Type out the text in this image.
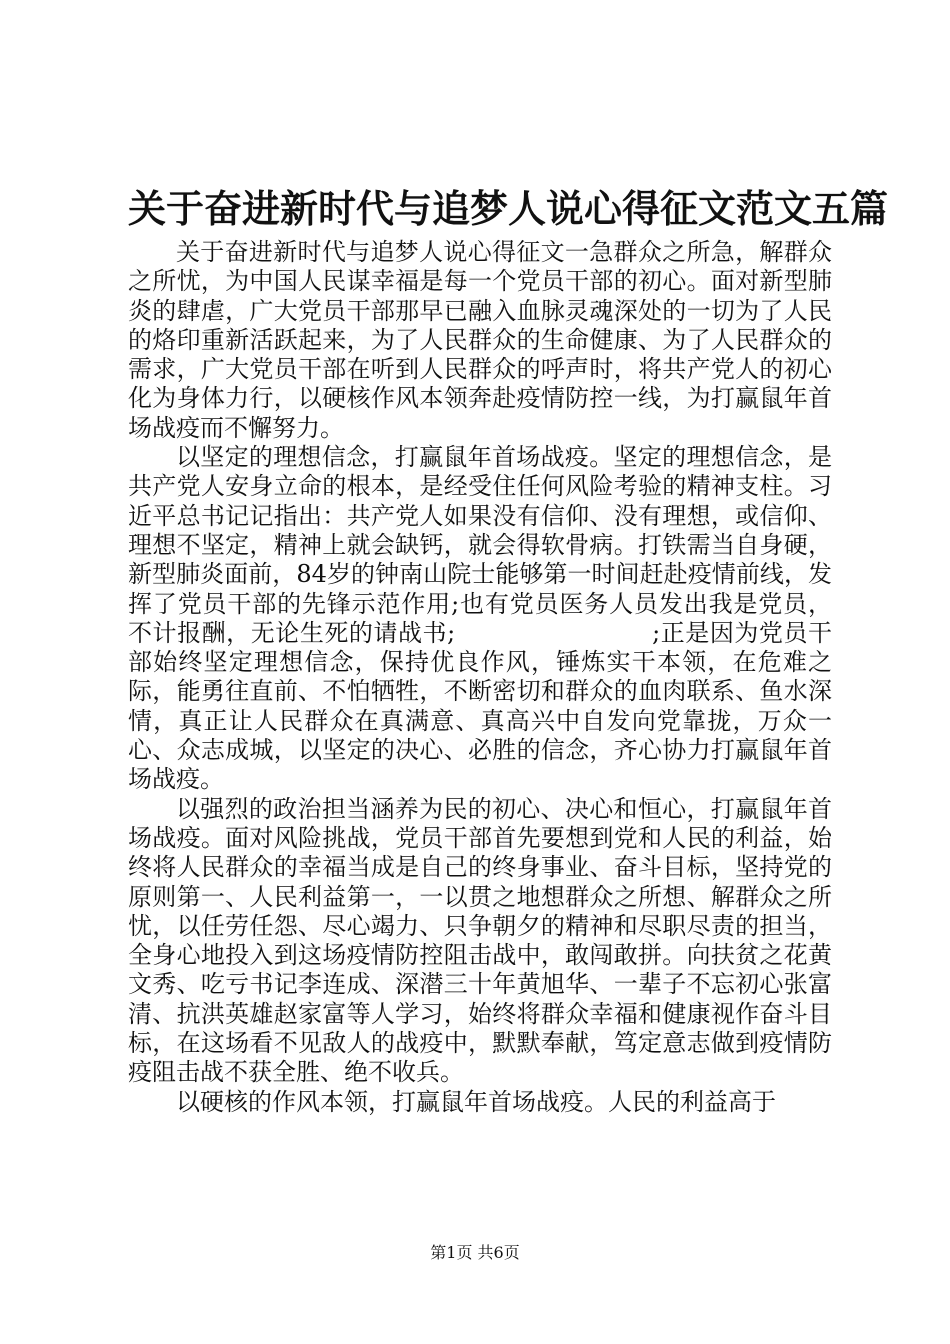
关于奋进新时代与追梦人说心得征文范文五篇

关于奋进新时代与追梦人说心得征文一急群众之所急，解群众之所忧，为中国人民谋幸福是每一个党员干部的初心。面对新型肺炎的肆虐，广大党员干部那早已融入血脉灵魂深处的一切为了人民的烙印重新活跃起来，为了人民群众的生命健康、为了人民群众的需求，广大党员干部在听到人民群众的呼声时，将共产党人的初心化为身体力行，以硬核作风本领奔赴疫情防控一线，为打赢鼠年首场战疫而不懈努力。

以坚定的理想信念，打赢鼠年首场战疫。坚定的理想信念，是共产党人安身立命的根本，是经受住任何风险考验的精神支柱。习近平总书记记指出：共产党人如果没有信仰、没有理想，或信仰、理想不坚定，精神上就会缺钙，就会得软骨病。打铁需当自身硬，新型肺炎面前，84岁的钟南山院士能够第一时间赶赴疫情前线，发挥了党员干部的先锋示范作用;也有党员医务人员发出我是党员，不计报酬，无论生死的请战书;　　　　　　　　;正是因为党员干部始终坚定理想信念，保持优良作风，锤炼实干本领，在危难之际，能勇往直前、不怕牺牲，不断密切和群众的血肉联系、鱼水深情，真正让人民群众在真满意、真高兴中自发向党靠拢，万众一心、众志成城，以坚定的决心、必胜的信念，齐心协力打赢鼠年首场战疫。

以强烈的政治担当涵养为民的初心、决心和恒心，打赢鼠年首场战疫。面对风险挑战，党员干部首先要想到党和人民的利益，始终将人民群众的幸福当成是自己的终身事业、奋斗目标，坚持党的原则第一、人民利益第一，一以贯之地想群众之所想、解群众之所忧，以任劳任怨、尽心竭力、只争朝夕的精神和尽职尽责的担当，全身心地投入到这场疫情防控阻击战中，敢闯敢拼。向扶贫之花黄文秀、吃亏书记李连成、深潜三十年黄旭华、一辈子不忘初心张富清、抗洪英雄赵家富等人学习，始终将群众幸福和健康视作奋斗目标，在这场看不见敌人的战疫中，默默奉献，笃定意志做到疫情防疫阻击战不获全胜、绝不收兵。

以硬核的作风本领，打赢鼠年首场战疫。人民的利益高于

第1页 共6页
